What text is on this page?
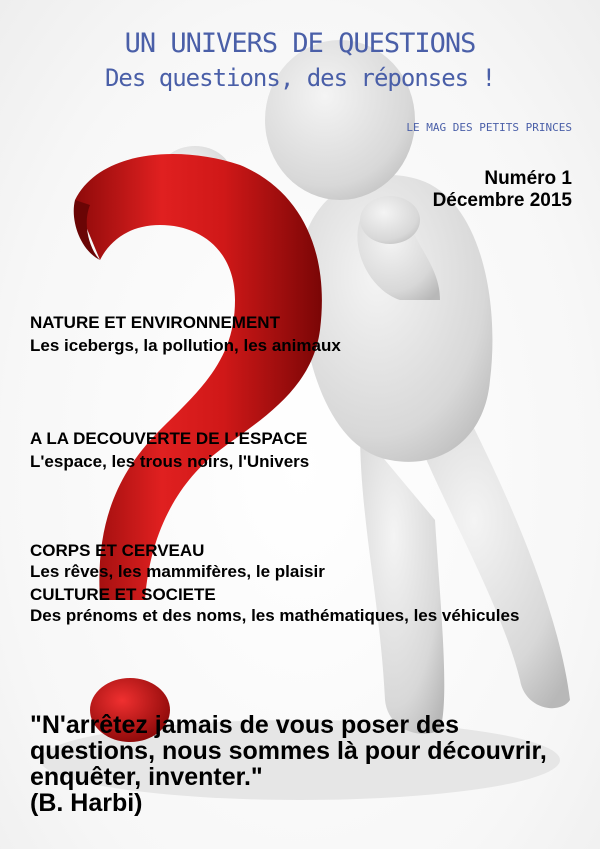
UN UNIVERS DE QUESTIONS
Des questions, des réponses !
LE MAG DES PETITS PRINCES
Numéro 1
Décembre 2015
NATURE ET ENVIRONNEMENT
Les icebergs, la pollution, les animaux
A LA DECOUVERTE DE L'ESPACE
L'espace, les trous noirs, l'Univers
CORPS ET CERVEAU
Les rêves, les mammifères, le plaisir
CULTURE ET SOCIETE
Des prénoms et des noms, les mathématiques, les véhicules
"N'arrêtez jamais de vous poser des
questions, nous sommes là pour découvrir,
enquêter, inventer."
(B. Harbi)
